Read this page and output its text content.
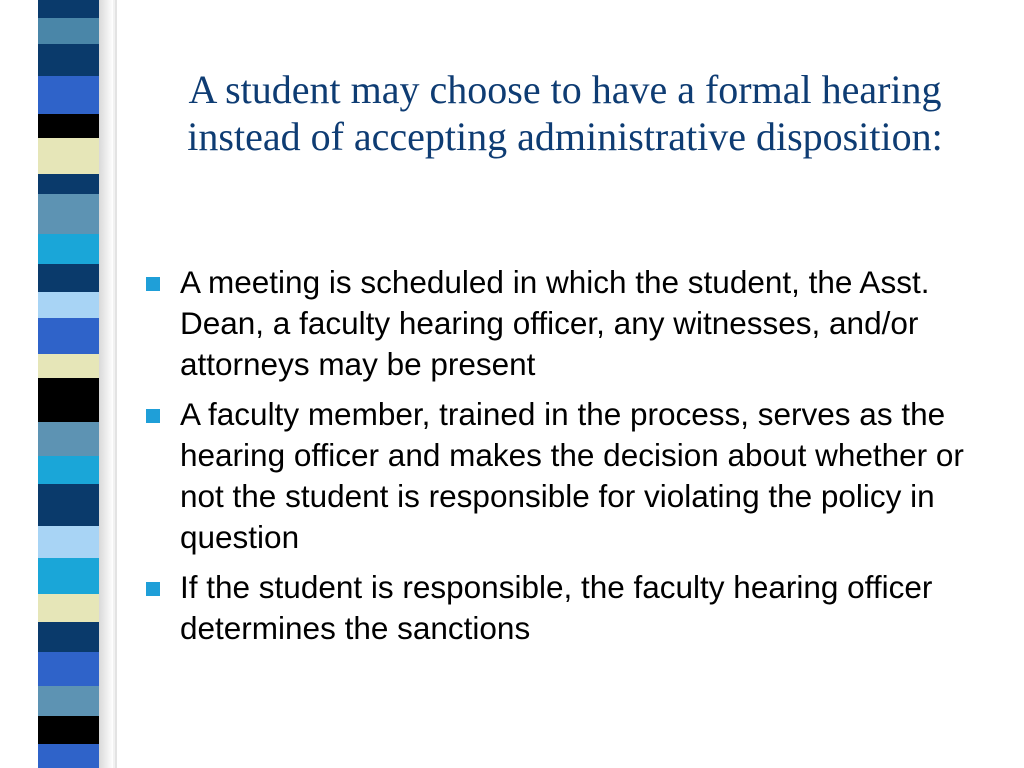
A student may choose to have a formal hearing instead of accepting administrative disposition:
A meeting is scheduled in which the student, the Asst. Dean, a faculty hearing officer, any witnesses, and/or attorneys may be present
A faculty member, trained in the process, serves as the hearing officer and makes the decision about whether or not the student is responsible for violating the policy in question
If the student is responsible, the faculty hearing officer determines the sanctions
